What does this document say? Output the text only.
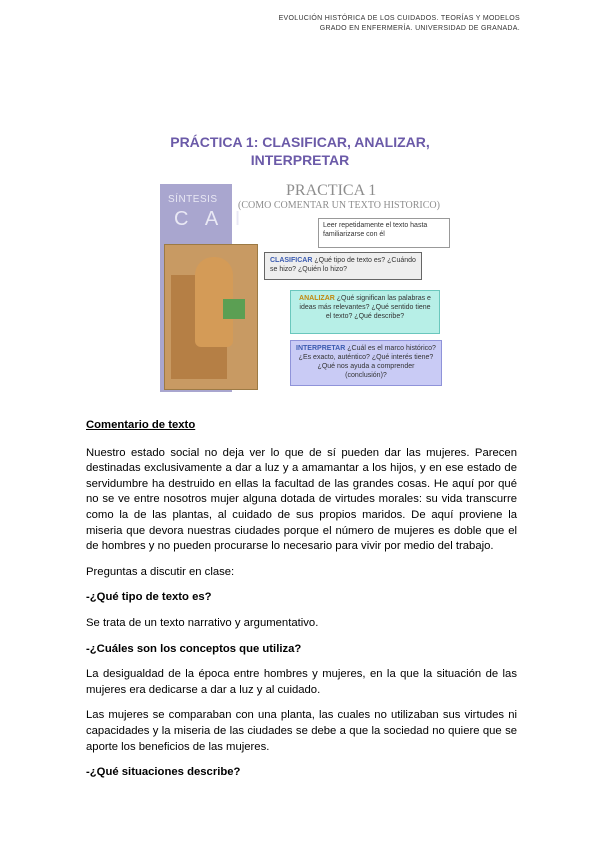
EVOLUCIÓN HISTÓRICA DE LOS CUIDADOS. TEORÍAS Y MODELOS
GRADO EN ENFERMERÍA. UNIVERSIDAD DE GRANADA.
PRÁCTICA 1: CLASIFICAR, ANALIZAR,
INTERPRETAR
SÍNTESIS
C A I
PRACTICA 1
(COMO COMENTAR UN TEXTO HISTORICO)
Leer repetidamente el texto hasta familiarizarse con él
CLASIFICAR ¿Qué tipo de texto es? ¿Cuándo se hizo? ¿Quién lo hizo?
ANALIZAR ¿Qué significan las palabras e ideas más relevantes? ¿Qué sentido tiene el texto? ¿Qué describe?
INTERPRETAR ¿Cuál es el marco histórico? ¿Es exacto, auténtico? ¿Qué interés tiene? ¿Qué nos ayuda a comprender (conclusión)?

Comentario de texto

Nuestro estado social no deja ver lo que de sí pueden dar las mujeres. Parecen destinadas exclusivamente a dar a luz y a amamantar a los hijos, y en ese estado de servidumbre ha destruido en ellas la facultad de las grandes cosas. He aquí por qué no se ve entre nosotros mujer alguna dotada de virtudes morales: su vida transcurre como la de las plantas, al cuidado de sus propios maridos. De aquí proviene la miseria que devora nuestras ciudades porque el número de mujeres es doble que el de hombres y no pueden procurarse lo necesario para vivir por medio del trabajo.

Preguntas a discutir en clase:

-¿Qué tipo de texto es?

Se trata de un texto narrativo y argumentativo.

-¿Cuáles son los conceptos que utiliza?

La desigualdad de la época entre hombres y mujeres, en la que la situación de las mujeres era dedicarse a dar a luz y al cuidado.

Las mujeres se comparaban con una planta, las cuales no utilizaban sus virtudes ni capacidades y la miseria de las ciudades se debe a que la sociedad no quiere que se aporte los beneficios de las mujeres.

-¿Qué situaciones describe?
